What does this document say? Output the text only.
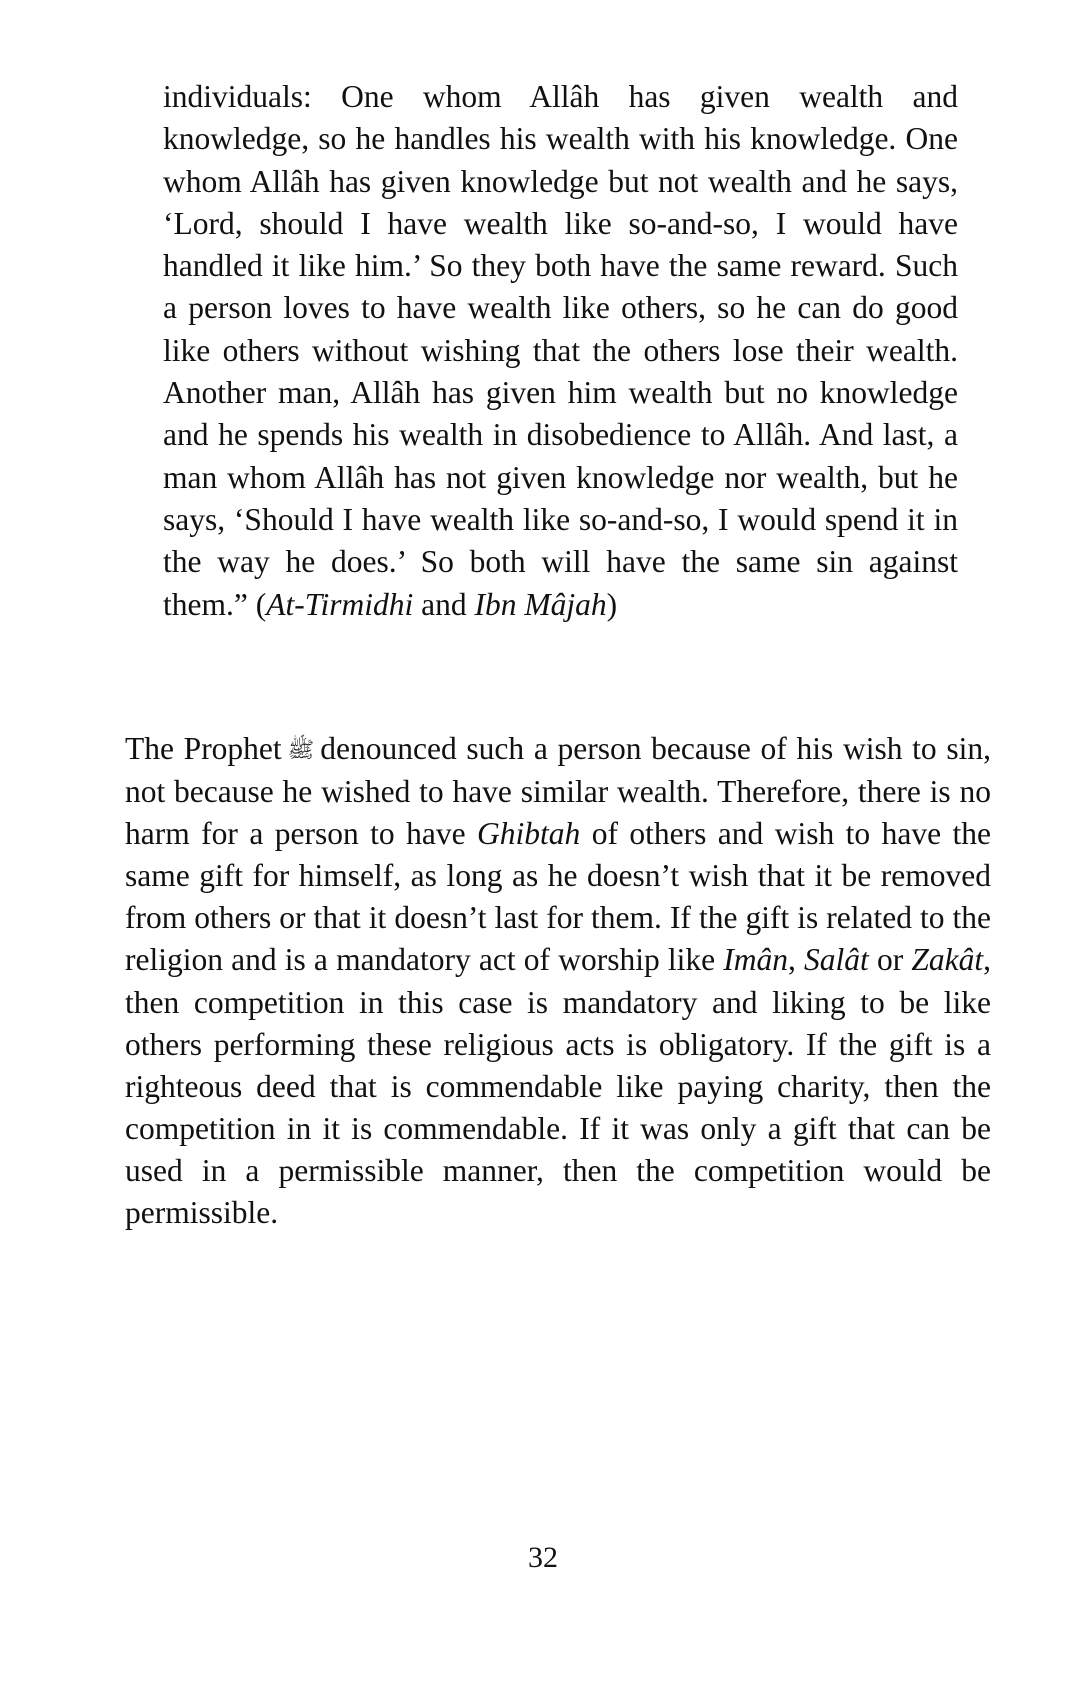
individuals: One whom Allâh has given wealth and knowledge, so he handles his wealth with his knowledge. One whom Allâh has given knowledge but not wealth and he says, ‘Lord, should I have wealth like so-and-so, I would have handled it like him.’ So they both have the same reward. Such a person loves to have wealth like others, so he can do good like others without wishing that the others lose their wealth. Another man, Allâh has given him wealth but no knowledge and he spends his wealth in disobedience to Allâh. And last, a man whom Allâh has not given knowledge nor wealth, but he says, ‘Should I have wealth like so-and-so, I would spend it in the way he does.’ So both will have the same sin against them.” (At-Tirmidhi and Ibn Mâjah)

The Prophet ﷺ denounced such a person because of his wish to sin, not because he wished to have similar wealth. Therefore, there is no harm for a person to have Ghibtah of others and wish to have the same gift for himself, as long as he doesn’t wish that it be removed from others or that it doesn’t last for them. If the gift is related to the religion and is a mandatory act of worship like Imân, Salât or Zakât, then competition in this case is mandatory and liking to be like others performing these religious acts is obligatory. If the gift is a righteous deed that is commendable like paying charity, then the competition in it is commendable. If it was only a gift that can be used in a permissible manner, then the competition would be permissible.

32
